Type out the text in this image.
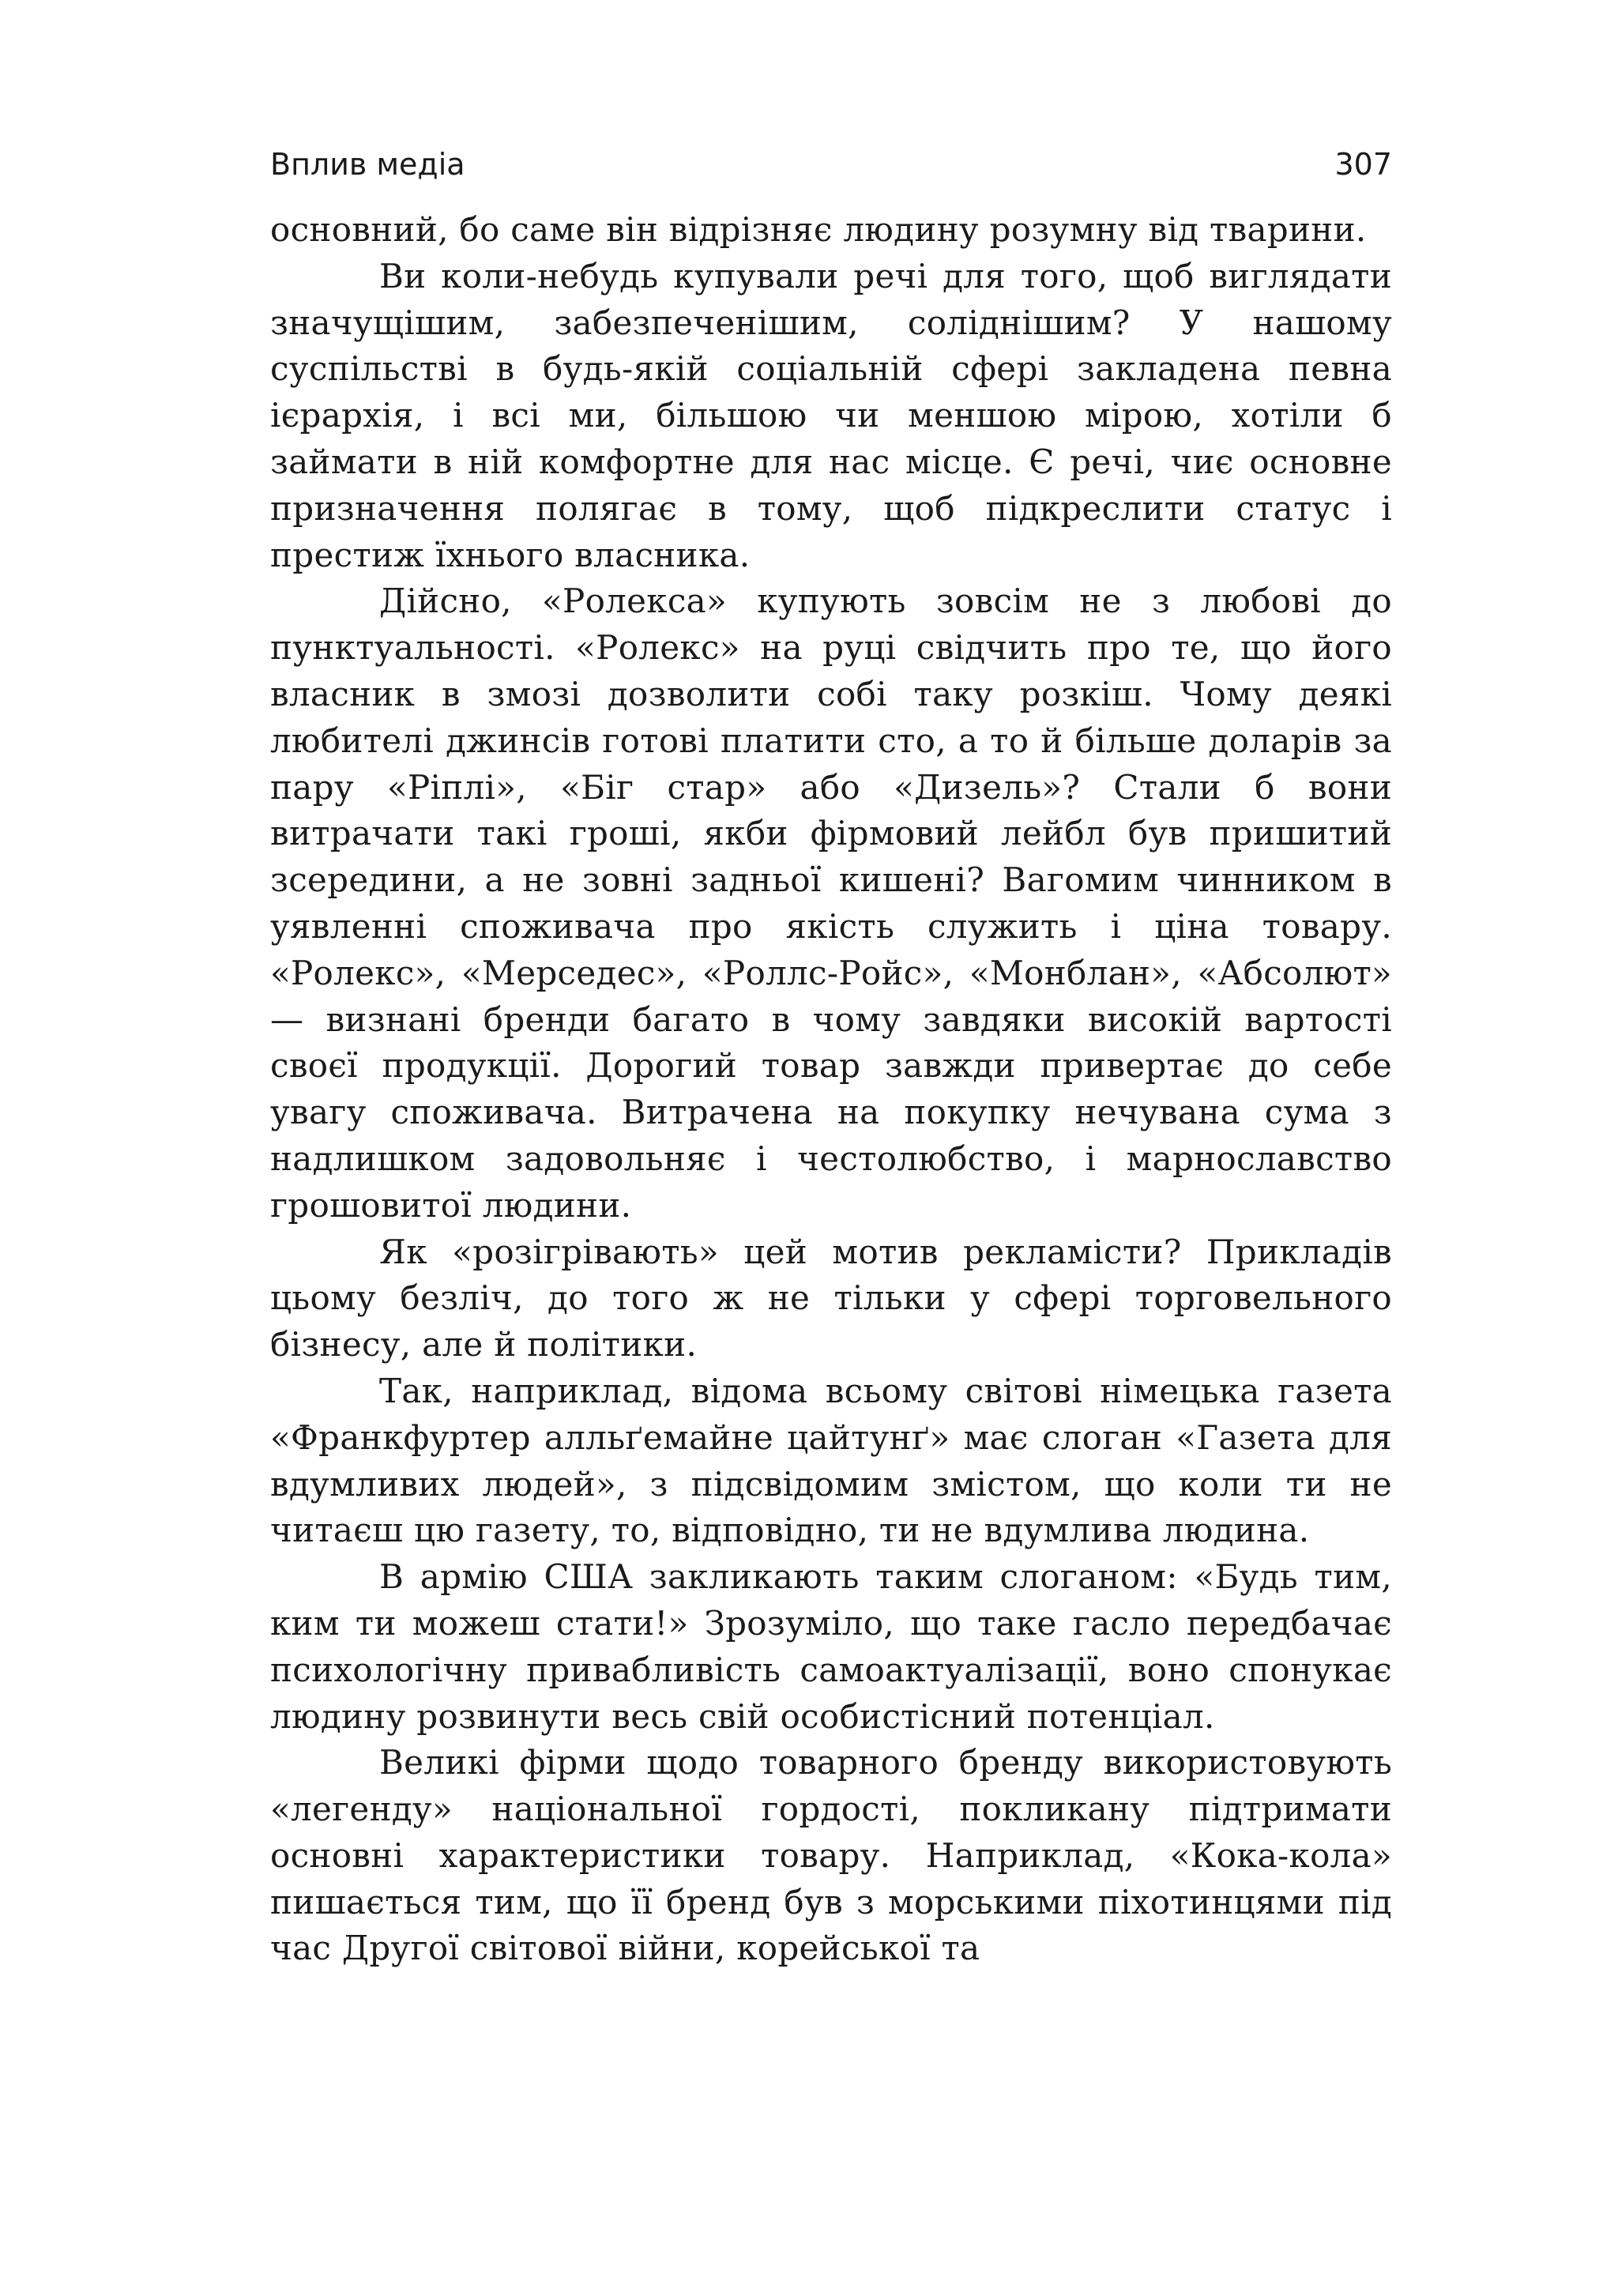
Вплив медіа	307

основний, бо саме він відрізняє людину розумну від тварини.

Ви коли-небудь купували речі для того, щоб виглядати значущішим, забезпеченішим, соліднішим? У нашому суспільстві в будь-якій соціальній сфері закладена певна ієрархія, і всі ми, більшою чи меншою мірою, хотіли б займати в ній комфортне для нас місце. Є речі, чиє основне призначення полягає в тому, щоб підкреслити статус і престиж їхнього власника.

Дійсно, «Ролекса» купують зовсім не з любові до пунктуальності. «Ролекс» на руці свідчить про те, що його власник в змозі дозволити собі таку розкіш. Чому деякі любителі джинсів готові платити сто, а то й більше доларів за пару «Ріплі», «Біг стар» або «Дизель»? Стали б вони витрачати такі гроші, якби фірмовий лейбл був пришитий зсередини, а не зовні задньої кишені? Вагомим чинником в уявленні споживача про якість служить і ціна товару. «Ролекс», «Мерседес», «Роллс-Ройс», «Монблан», «Абсолют» — визнані бренди багато в чому завдяки високій вартості своєї продукції. Дорогий товар завжди привертає до себе увагу споживача. Витрачена на покупку нечувана сума з надлишком задовольняє і честолюбство, і марнославство грошовитої людини.

Як «розігрівають» цей мотив рекламісти? Прикладів цьому безліч, до того ж не тільки у сфері торговельного бізнесу, але й політики.

Так, наприклад, відома всьому світові німецька газета «Франкфуртер алльґемайне цайтунґ» має слоган «Газета для вдумливих людей», з підсвідомим змістом, що коли ти не читаєш цю газету, то, відповідно, ти не вдумлива людина.

В армію США закликають таким слоганом: «Будь тим, ким ти можеш стати!» Зрозуміло, що таке гасло передбачає психологічну привабливість самоактуалізації, воно спонукає людину розвинути весь свій особистісний потенціал.

Великі фірми щодо товарного бренду використовують «легенду» національної гордості, покликану підтримати основні характеристики товару. Наприклад, «Кока-кола» пишається тим, що її бренд був з морськими піхотинцями під час Другої світової війни, корейської та
